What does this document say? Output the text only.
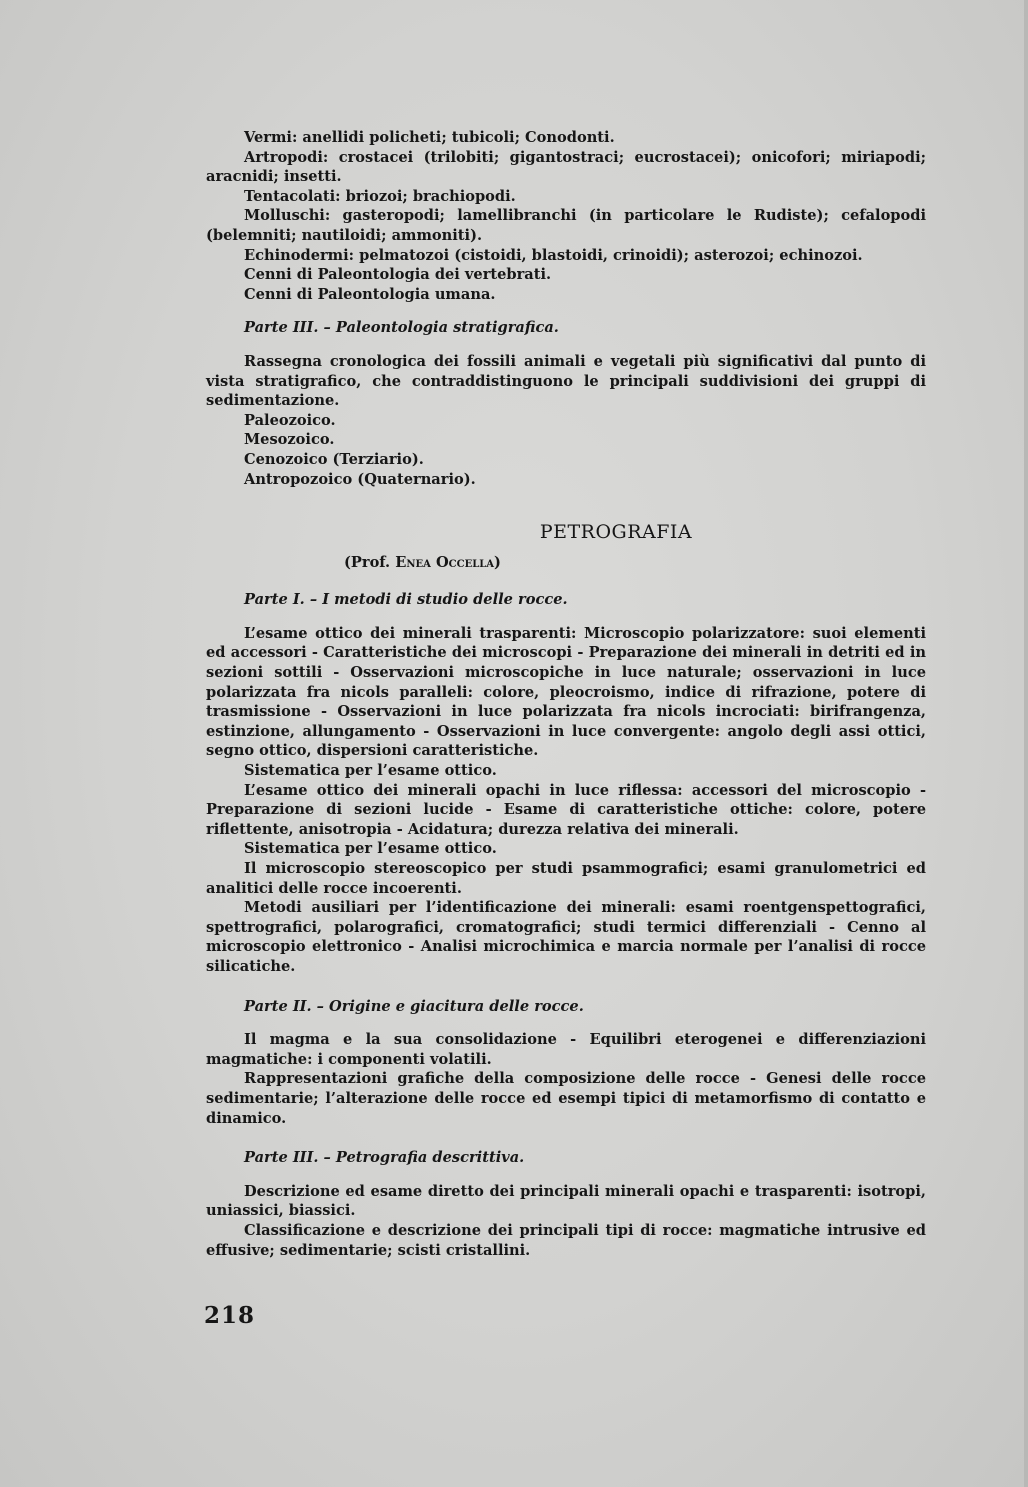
Vermi: anellidi policheti; tubicoli; Conodonti.

Artropodi: crostacei (trilobiti; gigantostraci; eucrostacei); onicofori; miriapodi; aracnidi; insetti.

Tentacolati: briozoi; brachiopodi.

Molluschi: gasteropodi; lamellibranchi (in particolare le Rudiste); cefalopodi (belemniti; nautiloidi; ammoniti).

Echinodermi: pelmatozoi (cistoidi, blastoidi, crinoidi); asterozoi; echinozoi.

Cenni di Paleontologia dei vertebrati.

Cenni di Paleontologia umana.

Parte III. – Paleontologia stratigrafica.

Rassegna cronologica dei fossili animali e vegetali più significativi dal punto di vista stratigrafico, che contraddistinguono le principali suddivisioni dei gruppi di sedimentazione.

Paleozoico.

Mesozoico.

Cenozoico (Terziario).

Antropozoico (Quaternario).

PETROGRAFIA

(Prof. Enea Occella)

Parte I. – I metodi di studio delle rocce.

L’esame ottico dei minerali trasparenti: Microscopio polarizzatore: suoi elementi ed accessori - Caratteristiche dei microscopi - Preparazione dei minerali in detriti ed in sezioni sottili - Osservazioni microscopiche in luce naturale; osservazioni in luce polarizzata fra nicols paralleli: colore, pleocroismo, indice di rifrazione, potere di trasmissione - Osservazioni in luce polarizzata fra nicols incrociati: birifrangenza, estinzione, allungamento - Osservazioni in luce convergente: angolo degli assi ottici, segno ottico, dispersioni caratteristiche.

Sistematica per l’esame ottico.

L’esame ottico dei minerali opachi in luce riflessa: accessori del microscopio - Preparazione di sezioni lucide - Esame di caratteristiche ottiche: colore, potere riflettente, anisotropia - Acidatura; durezza relativa dei minerali.

Sistematica per l’esame ottico.

Il microscopio stereoscopico per studi psammografici; esami granulometrici ed analitici delle rocce incoerenti.

Metodi ausiliari per l’identificazione dei minerali: esami roentgenspettografici, spettrografici, polarografici, cromatografici; studi termici differenziali - Cenno al microscopio elettronico - Analisi microchimica e marcia normale per l’analisi di rocce silicatiche.

Parte II. – Origine e giacitura delle rocce.

Il magma e la sua consolidazione - Equilibri eterogenei e differenziazioni magmatiche: i componenti volatili.

Rappresentazioni grafiche della composizione delle rocce - Genesi delle rocce sedimentarie; l’alterazione delle rocce ed esempi tipici di metamorfismo di contatto e dinamico.

Parte III. – Petrografia descrittiva.

Descrizione ed esame diretto dei principali minerali opachi e trasparenti: isotropi, uniassici, biassici.

Classificazione e descrizione dei principali tipi di rocce: magmatiche intrusive ed effusive; sedimentarie; scisti cristallini.

218
